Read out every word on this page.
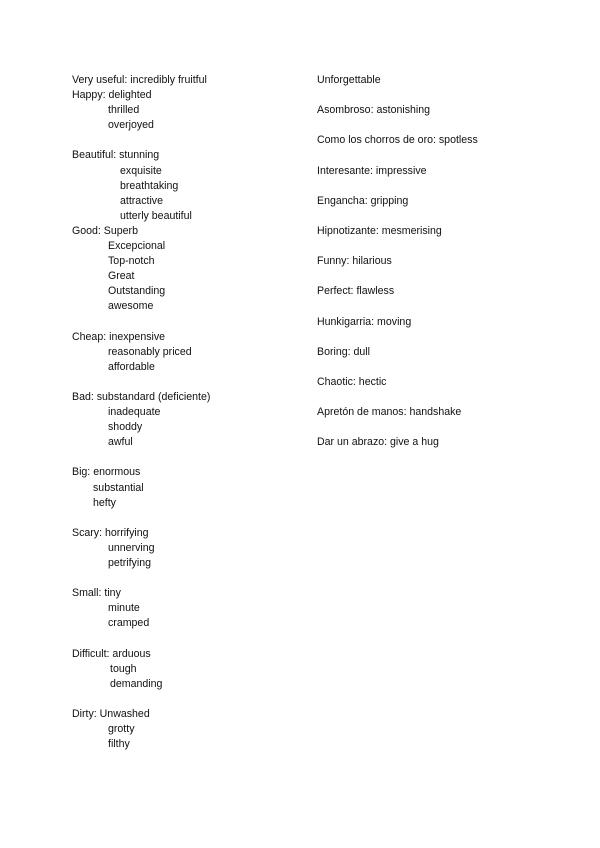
Very useful: incredibly fruitful
Happy: delighted
thrilled
overjoyed
Beautiful: stunning
exquisite
breathtaking
attractive
utterly beautiful
Good: Superb
Excepcional
Top-notch
Great
Outstanding
awesome
Cheap: inexpensive
reasonably priced
affordable
Bad: substandard (deficiente)
inadequate
shoddy
awful
Big: enormous
substantial
hefty
Scary: horrifying
unnerving
petrifying
Small: tiny
minute
cramped
Difficult: arduous
tough
demanding
Dirty: Unwashed
grotty
filthy
Unforgettable
Asombroso: astonishing
Como los chorros de oro: spotless
Interesante: impressive
Engancha: gripping
Hipnotizante: mesmerising
Funny: hilarious
Perfect: flawless
Hunkigarria: moving
Boring: dull
Chaotic: hectic
Apretón de manos: handshake
Dar un abrazo: give a hug
